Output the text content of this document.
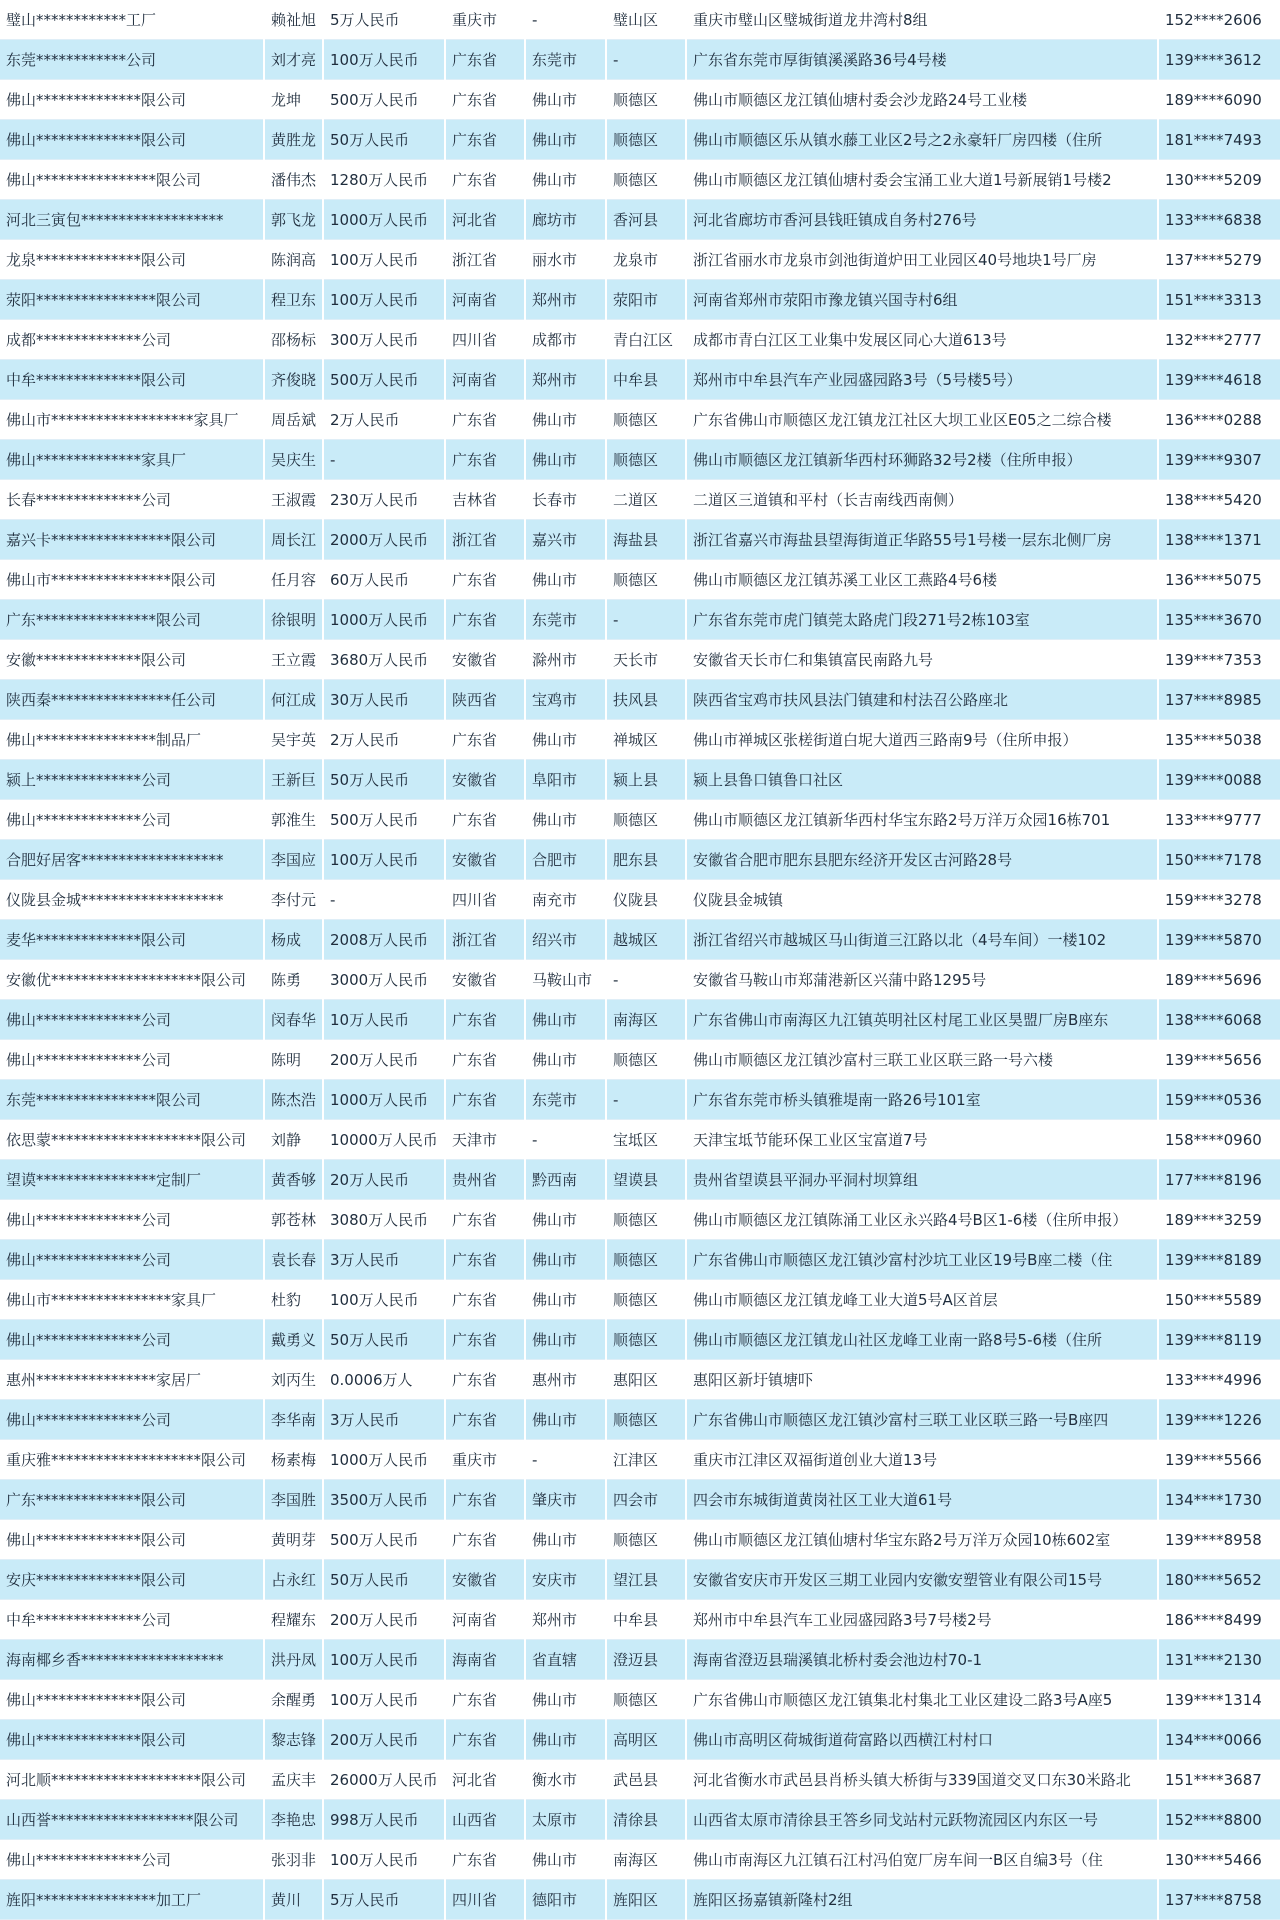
璧山************工厂	赖祉旭	5万人民币	重庆市	-	璧山区	重庆市璧山区璧城街道龙井湾村8组	152****2606
东莞************公司	刘才亮	100万人民币	广东省	东莞市	-	广东省东莞市厚街镇溪溪路36号4号楼	139****3612
佛山**************限公司	龙坤	500万人民币	广东省	佛山市	顺德区	佛山市顺德区龙江镇仙塘村委会沙龙路24号工业楼	189****6090
佛山**************限公司	黄胜龙	50万人民币	广东省	佛山市	顺德区	佛山市顺德区乐从镇水藤工业区2号之2永豪轩厂房四楼（住所	181****7493
佛山****************限公司	潘伟杰	1280万人民币	广东省	佛山市	顺德区	佛山市顺德区龙江镇仙塘村委会宝涌工业大道1号新展销1号楼2	130****5209
河北三寅包*******************	郭飞龙	1000万人民币	河北省	廊坊市	香河县	河北省廊坊市香河县钱旺镇成自务村276号	133****6838
龙泉**************限公司	陈润高	100万人民币	浙江省	丽水市	龙泉市	浙江省丽水市龙泉市剑池街道炉田工业园区40号地块1号厂房	137****5279
荥阳****************限公司	程卫东	100万人民币	河南省	郑州市	荥阳市	河南省郑州市荥阳市豫龙镇兴国寺村6组	151****3313
成都**************公司	邵杨标	300万人民币	四川省	成都市	青白江区	成都市青白江区工业集中发展区同心大道613号	132****2777
中牟**************限公司	齐俊晓	500万人民币	河南省	郑州市	中牟县	郑州市中牟县汽车产业园盛园路3号（5号楼5号）	139****4618
佛山市*******************家具厂	周岳斌	2万人民币	广东省	佛山市	顺德区	广东省佛山市顺德区龙江镇龙江社区大坝工业区E05之二综合楼	136****0288
佛山**************家具厂	吴庆生	-	广东省	佛山市	顺德区	佛山市顺德区龙江镇新华西村环狮路32号2楼（住所申报）	139****9307
长春**************公司	王淑霞	230万人民币	吉林省	长春市	二道区	二道区三道镇和平村（长吉南线西南侧）	138****5420
嘉兴卡****************限公司	周长江	2000万人民币	浙江省	嘉兴市	海盐县	浙江省嘉兴市海盐县望海街道正华路55号1号楼一层东北侧厂房	138****1371
佛山市****************限公司	任月容	60万人民币	广东省	佛山市	顺德区	佛山市顺德区龙江镇苏溪工业区工燕路4号6楼	136****5075
广东****************限公司	徐银明	1000万人民币	广东省	东莞市	-	广东省东莞市虎门镇莞太路虎门段271号2栋103室	135****3670
安徽**************限公司	王立霞	3680万人民币	安徽省	滁州市	天长市	安徽省天长市仁和集镇富民南路九号	139****7353
陕西秦****************任公司	何江成	30万人民币	陕西省	宝鸡市	扶风县	陕西省宝鸡市扶风县法门镇建和村法召公路座北	137****8985
佛山****************制品厂	吴宇英	2万人民币	广东省	佛山市	禅城区	佛山市禅城区张槎街道白坭大道西三路南9号（住所申报）	135****5038
颍上**************公司	王新巨	50万人民币	安徽省	阜阳市	颍上县	颍上县鲁口镇鲁口社区	139****0088
佛山**************公司	郭淮生	500万人民币	广东省	佛山市	顺德区	佛山市顺德区龙江镇新华西村华宝东路2号万洋万众园16栋701	133****9777
合肥好居客*******************	李国应	100万人民币	安徽省	合肥市	肥东县	安徽省合肥市肥东县肥东经济开发区古河路28号	150****7178
仪陇县金城*******************	李付元	-	四川省	南充市	仪陇县	仪陇县金城镇	159****3278
麦华**************限公司	杨成	2008万人民币	浙江省	绍兴市	越城区	浙江省绍兴市越城区马山街道三江路以北（4号车间）一楼102	139****5870
安徽优********************限公司	陈勇	3000万人民币	安徽省	马鞍山市	-	安徽省马鞍山市郑蒲港新区兴蒲中路1295号	189****5696
佛山**************公司	闵春华	10万人民币	广东省	佛山市	南海区	广东省佛山市南海区九江镇英明社区村尾工业区昊盟厂房B座东	138****6068
佛山**************公司	陈明	200万人民币	广东省	佛山市	顺德区	佛山市顺德区龙江镇沙富村三联工业区联三路一号六楼	139****5656
东莞****************限公司	陈杰浩	1000万人民币	广东省	东莞市	-	广东省东莞市桥头镇雅堤南一路26号101室	159****0536
依思蒙********************限公司	刘静	10000万人民币	天津市	-	宝坻区	天津宝坻节能环保工业区宝富道7号	158****0960
望谟****************定制厂	黄香够	20万人民币	贵州省	黔西南	望谟县	贵州省望谟县平洞办平洞村坝算组	177****8196
佛山**************公司	郭苍林	3080万人民币	广东省	佛山市	顺德区	佛山市顺德区龙江镇陈涌工业区永兴路4号B区1-6楼（住所申报）	189****3259
佛山**************公司	袁长春	3万人民币	广东省	佛山市	顺德区	广东省佛山市顺德区龙江镇沙富村沙坑工业区19号B座二楼（住	139****8189
佛山市****************家具厂	杜豹	100万人民币	广东省	佛山市	顺德区	佛山市顺德区龙江镇龙峰工业大道5号A区首层	150****5589
佛山**************公司	戴勇义	50万人民币	广东省	佛山市	顺德区	佛山市顺德区龙江镇龙山社区龙峰工业南一路8号5-6楼（住所	139****8119
惠州****************家居厂	刘丙生	0.0006万人	广东省	惠州市	惠阳区	惠阳区新圩镇塘吓	133****4996
佛山**************公司	李华南	3万人民币	广东省	佛山市	顺德区	广东省佛山市顺德区龙江镇沙富村三联工业区联三路一号B座四	139****1226
重庆雅********************限公司	杨素梅	1000万人民币	重庆市	-	江津区	重庆市江津区双福街道创业大道13号	139****5566
广东**************限公司	李国胜	3500万人民币	广东省	肇庆市	四会市	四会市东城街道黄岗社区工业大道61号	134****1730
佛山**************限公司	黄明芽	500万人民币	广东省	佛山市	顺德区	佛山市顺德区龙江镇仙塘村华宝东路2号万洋万众园10栋602室	139****8958
安庆**************限公司	占永红	50万人民币	安徽省	安庆市	望江县	安徽省安庆市开发区三期工业园内安徽安塑管业有限公司15号	180****5652
中牟**************公司	程耀东	200万人民币	河南省	郑州市	中牟县	郑州市中牟县汽车工业园盛园路3号7号楼2号	186****8499
海南椰乡香*******************	洪丹凤	100万人民币	海南省	省直辖	澄迈县	海南省澄迈县瑞溪镇北桥村委会池边村70-1	131****2130
佛山**************限公司	余醒勇	100万人民币	广东省	佛山市	顺德区	广东省佛山市顺德区龙江镇集北村集北工业区建设二路3号A座5	139****1314
佛山**************限公司	黎志锋	200万人民币	广东省	佛山市	高明区	佛山市高明区荷城街道荷富路以西横江村村口	134****0066
河北顺********************限公司	孟庆丰	26000万人民币	河北省	衡水市	武邑县	河北省衡水市武邑县肖桥头镇大桥街与339国道交叉口东30米路北	151****3687
山西誉*******************限公司	李艳忠	998万人民币	山西省	太原市	清徐县	山西省太原市清徐县王答乡同戈站村元跃物流园区内东区一号	152****8800
佛山**************公司	张羽非	100万人民币	广东省	佛山市	南海区	佛山市南海区九江镇石江村冯伯宽厂房车间一B区自编3号（住	130****5466
旌阳****************加工厂	黄川	5万人民币	四川省	德阳市	旌阳区	旌阳区扬嘉镇新隆村2组	137****8758
